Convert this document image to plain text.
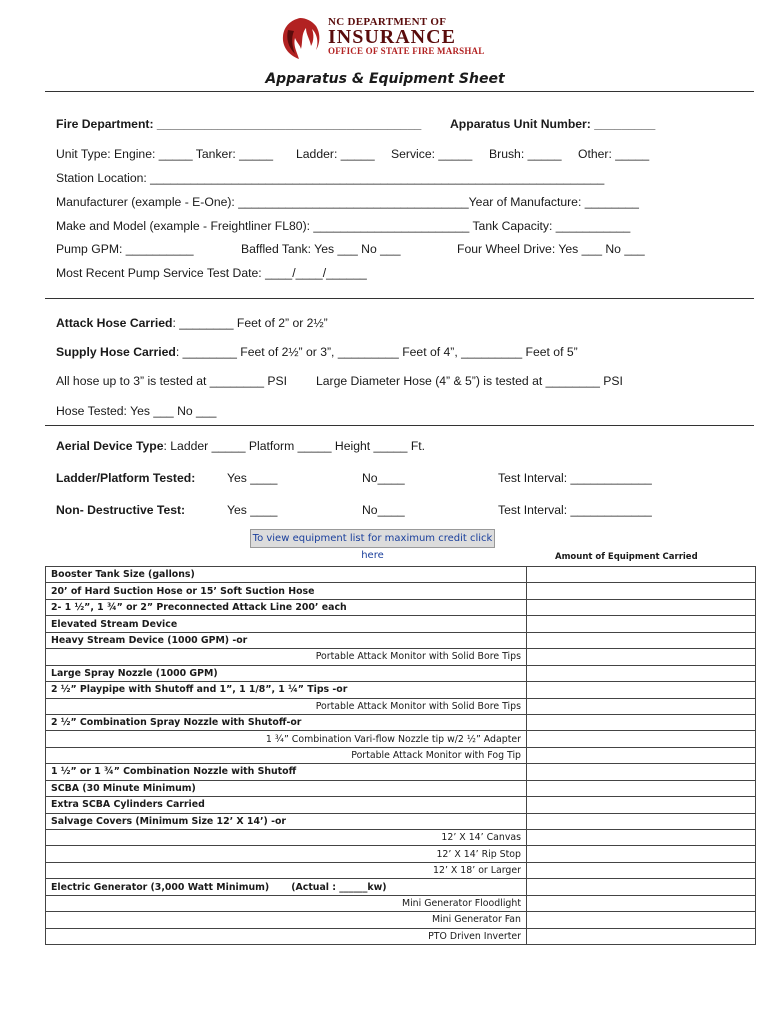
NC DEPARTMENT OF
INSURANCE
OFFICE OF STATE FIRE MARSHAL
Apparatus & Equipment Sheet
Fire Department: _______________________________________ Apparatus Unit Number: _________
Unit Type: Engine: _____ Tanker: _____ Ladder: _____ Service: _____ Brush: _____ Other: _____
Station Location: ___________________________________________________________________
Manufacturer (example - E-One): __________________________________Year of Manufacture: ________
Make and Model (example - Freightliner FL80): _______________________ Tank Capacity: ___________
Pump GPM: __________	Baffled Tank: Yes ___ No ___	Four Wheel Drive: Yes ___ No ___
Most Recent Pump Service Test Date: ____/____/______
Attack Hose Carried: ________ Feet of 2” or 2½”
Supply Hose Carried: ________ Feet of 2½” or 3”, _________ Feet of 4”, _________ Feet of 5”
All hose up to 3” is tested at ________ PSI Large Diameter Hose (4” & 5”) is tested at ________ PSI
Hose Tested: Yes ___ No ___
Aerial Device Type: Ladder _____ Platform _____ Height _____ Ft.
Ladder/Platform Tested:	Yes ____	No____	Test Interval: ____________
Non- Destructive Test:	Yes ____	No____	Test Interval: ____________
To view equipment list for maximum credit click here	Amount of Equipment Carried
Booster Tank Size (gallons)	
20’ of Hard Suction Hose or 15’ Soft Suction Hose	
2- 1 ½”, 1 ¾” or 2” Preconnected Attack Line 200’ each	
Elevated Stream Device	
Heavy Stream Device (1000 GPM) -or	
Portable Attack Monitor with Solid Bore Tips	
Large Spray Nozzle (1000 GPM)	
2 ½” Playpipe with Shutoff and 1”, 1 1/8”, 1 ¼” Tips -or	
Portable Attack Monitor with Solid Bore Tips	
2 ½” Combination Spray Nozzle with Shutoff-or	
1 ¾” Combination Vari-flow Nozzle tip w/2 ½” Adapter	
Portable Attack Monitor with Fog Tip	
1 ½” or 1 ¾” Combination Nozzle with Shutoff	
SCBA (30 Minute Minimum)	
Extra SCBA Cylinders Carried	
Salvage Covers (Minimum Size 12’ X 14’) -or	
12’ X 14’ Canvas	
12’ X 14’ Rip Stop	
12’ X 18’ or Larger	
Electric Generator (3,000 Watt Minimum) (Actual : ______kw)	
Mini Generator Floodlight	
Mini Generator Fan	
PTO Driven Inverter	
